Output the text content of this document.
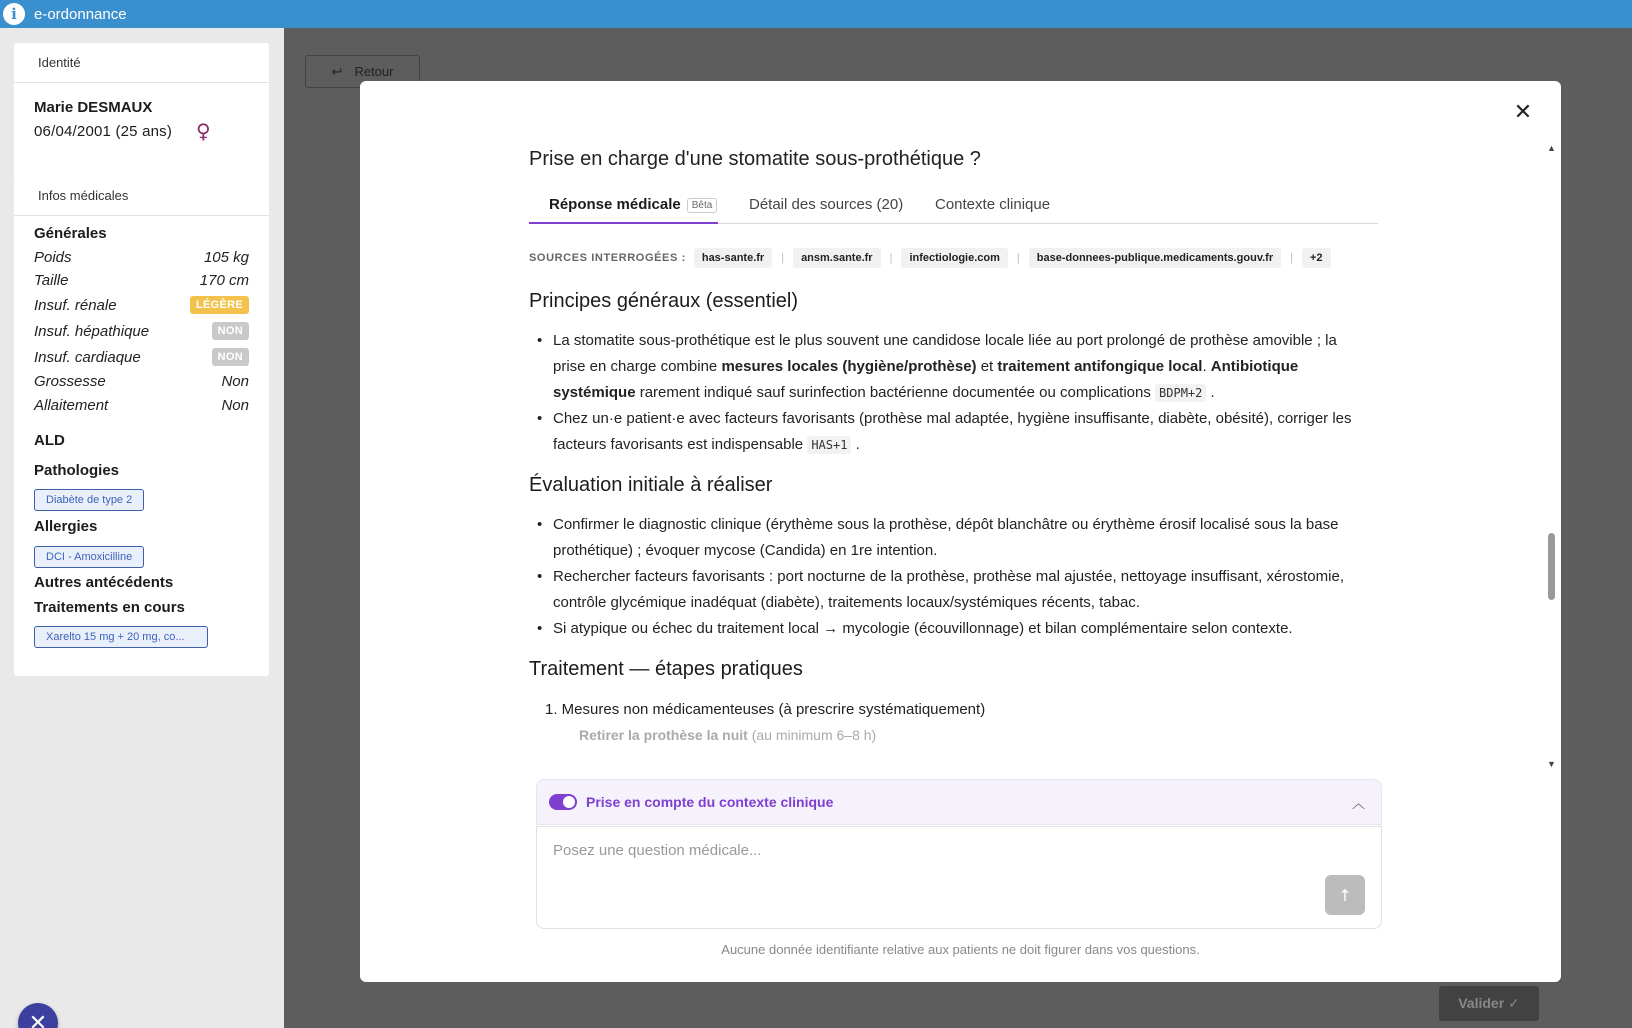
i	e-ordonnance
Identité
Marie DESMAUX
06/04/2001 (25 ans) ♀
Infos médicales
Générales
Poids	105 kg
Taille	170 cm
Insuf. rénale	LÉGÈRE
Insuf. hépathique	NON
Insuf. cardiaque	NON
Grossesse	Non
Allaitement	Non
ALD
Pathologies
Diabète de type 2
Allergies
DCI - Amoxicilline
Autres antécédents
Traitements en cours
Xarelto 15 mg + 20 mg, co...
✕
↩ Retour
Valider ✓
✕
Prise en charge d'une stomatite sous-prothétique ?
Réponse médicale	Bêta	Détail des sources (20) Contexte clinique
SOURCES INTERROGÉES :	has-sante.fr	|	ansm.sante.fr	|	infectiologie.com	|	base-donnees-publique.medicaments.gouv.fr	|	+2
Principes généraux (essentiel)
• La stomatite sous-prothétique est le plus souvent une candidose locale liée au port prolongé de prothèse amovible ; la prise en charge combine mesures locales (hygiène/prothèse) et traitement antifongique local. Antibiotique systémique rarement indiqué sauf surinfection bactérienne documentée ou complications BDPM+2 .
• Chez un·e patient·e avec facteurs favorisants (prothèse mal adaptée, hygiène insuffisante, diabète, obésité), corriger les facteurs favorisants est indispensable HAS+1 .
Évaluation initiale à réaliser
• Confirmer le diagnostic clinique (érythème sous la prothèse, dépôt blanchâtre ou érythème érosif localisé sous la base prothétique) ; évoquer mycose (Candida) en 1re intention.
• Rechercher facteurs favorisants : port nocturne de la prothèse, prothèse mal ajustée, nettoyage insuffisant, xérostomie, contrôle glycémique inadéquat (diabète), traitements locaux/systémiques récents, tabac.
• Si atypique ou échec du traitement local → mycologie (écouvillonnage) et bilan complémentaire selon contexte.
Traitement — étapes pratiques
1. Mesures non médicamenteuses (à prescrire systématiquement)
Retirer la prothèse la nuit (au minimum 6–8 h)
▲
▼
Prise en compte du contexte clinique	︿
Posez une question médicale...
↑
Aucune donnée identifiante relative aux patients ne doit figurer dans vos questions.
